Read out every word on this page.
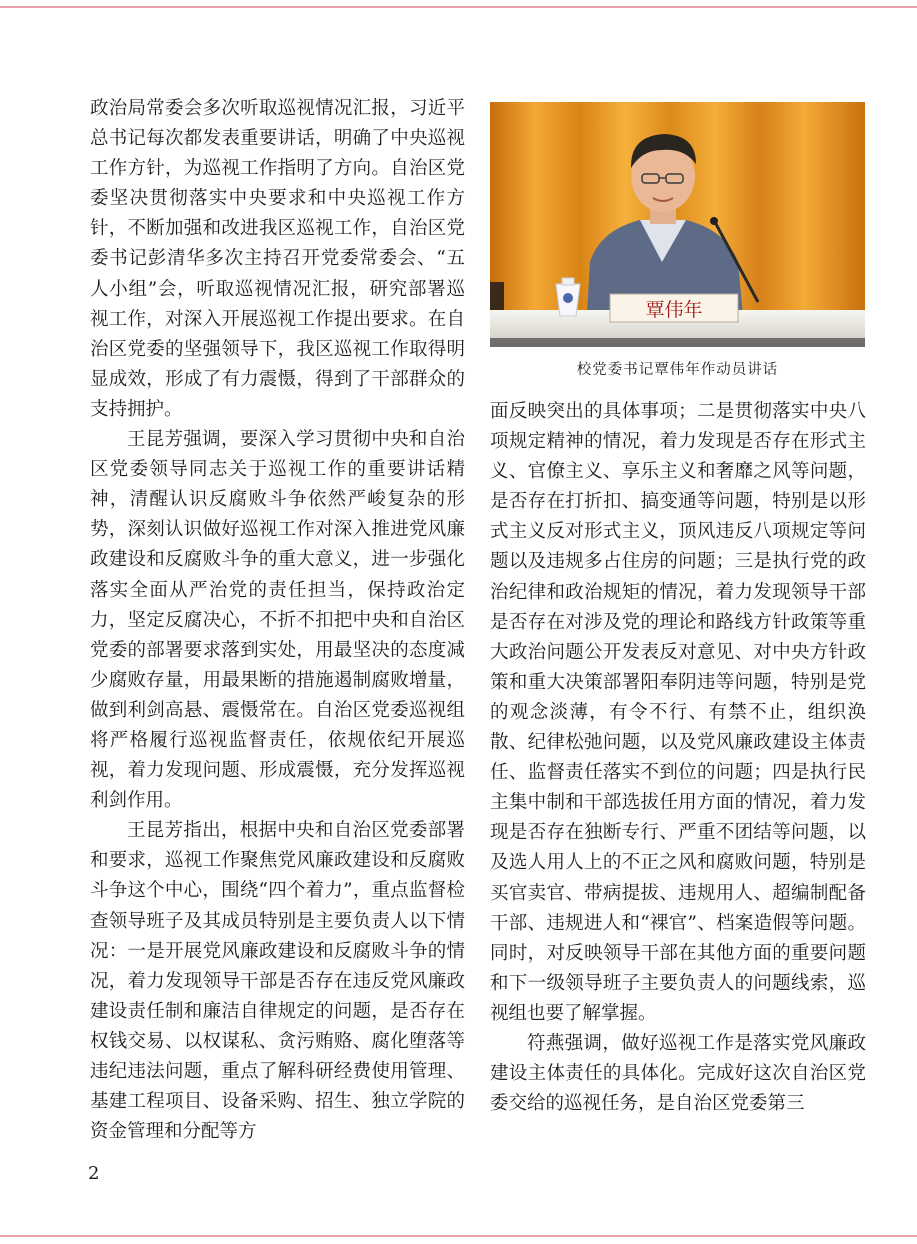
政治局常委会多次听取巡视情况汇报，习近平总书记每次都发表重要讲话，明确了中央巡视工作方针，为巡视工作指明了方向。自治区党委坚决贯彻落实中央要求和中央巡视工作方针，不断加强和改进我区巡视工作，自治区党委书记彭清华多次主持召开党委常委会、“五人小组”会，听取巡视情况汇报，研究部署巡视工作，对深入开展巡视工作提出要求。在自治区党委的坚强领导下，我区巡视工作取得明显成效，形成了有力震慑，得到了干部群众的支持拥护。

王昆芳强调，要深入学习贯彻中央和自治区党委领导同志关于巡视工作的重要讲话精神，清醒认识反腐败斗争依然严峻复杂的形势，深刻认识做好巡视工作对深入推进党风廉政建设和反腐败斗争的重大意义，进一步强化落实全面从严治党的责任担当，保持政治定力，坚定反腐决心，不折不扣把中央和自治区党委的部署要求落到实处，用最坚决的态度减少腐败存量，用最果断的措施遏制腐败增量，做到利剑高悬、震慑常在。自治区党委巡视组将严格履行巡视监督责任，依规依纪开展巡视，着力发现问题、形成震慑，充分发挥巡视利剑作用。

王昆芳指出，根据中央和自治区党委部署和要求，巡视工作聚焦党风廉政建设和反腐败斗争这个中心，围绕“四个着力”，重点监督检查领导班子及其成员特别是主要负责人以下情况：一是开展党风廉政建设和反腐败斗争的情况，着力发现领导干部是否存在违反党风廉政建设责任制和廉洁自律规定的问题，是否存在权钱交易、以权谋私、贪污贿赂、腐化堕落等违纪违法问题，重点了解科研经费使用管理、基建工程项目、设备采购、招生、独立学院的资金管理和分配等方

覃伟年
校党委书记覃伟年作动员讲话

面反映突出的具体事项；二是贯彻落实中央八项规定精神的情况，着力发现是否存在形式主义、官僚主义、享乐主义和奢靡之风等问题，是否存在打折扣、搞变通等问题，特别是以形式主义反对形式主义，顶风违反八项规定等问题以及违规多占住房的问题；三是执行党的政治纪律和政治规矩的情况，着力发现领导干部是否存在对涉及党的理论和路线方针政策等重大政治问题公开发表反对意见、对中央方针政策和重大决策部署阳奉阴违等问题，特别是党的观念淡薄，有令不行、有禁不止，组织涣散、纪律松弛问题，以及党风廉政建设主体责任、监督责任落实不到位的问题；四是执行民主集中制和干部选拔任用方面的情况，着力发现是否存在独断专行、严重不团结等问题，以及选人用人上的不正之风和腐败问题，特别是买官卖官、带病提拔、违规用人、超编制配备干部、违规进人和“裸官”、档案造假等问题。同时，对反映领导干部在其他方面的重要问题和下一级领导班子主要负责人的问题线索，巡视组也要了解掌握。

符燕强调，做好巡视工作是落实党风廉政建设主体责任的具体化。完成好这次自治区党委交给的巡视任务，是自治区党委第三

2
